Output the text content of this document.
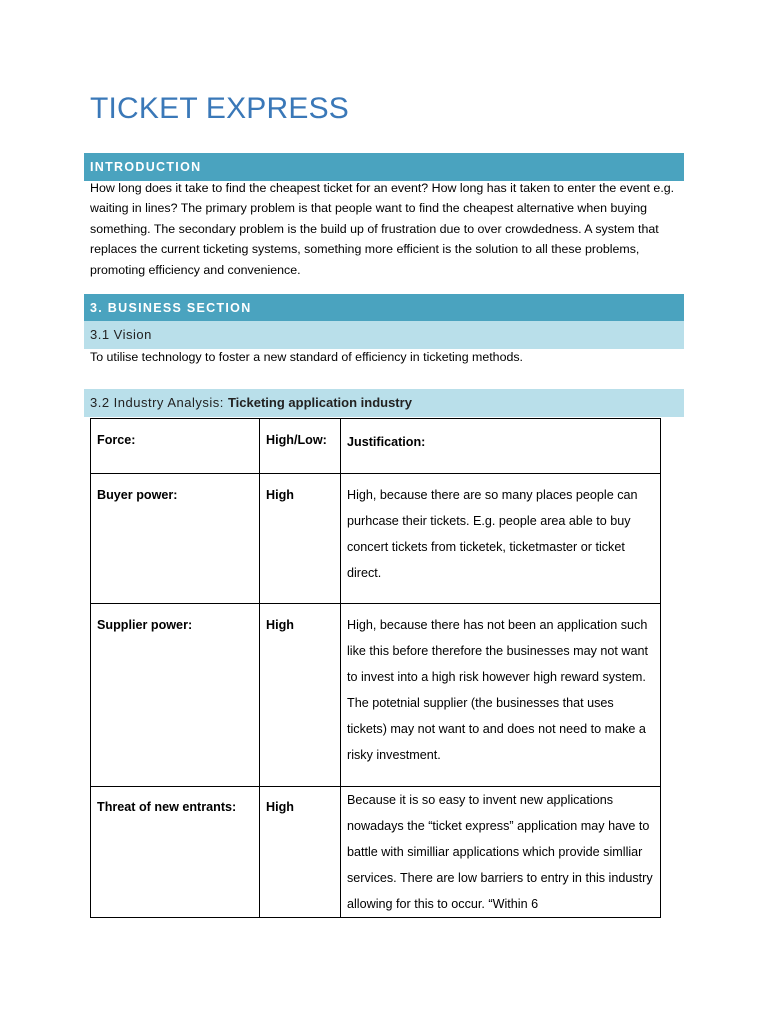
TICKET EXPRESS
INTRODUCTION
How long does it take to find the cheapest ticket for an event? How long has it taken to enter the event e.g. waiting in lines? The primary problem is that people want to find the cheapest alternative when buying something. The secondary problem is the build up of frustration due to over crowdedness. A system that replaces the current ticketing systems, something more efficient is the solution to all these problems, promoting efficiency and convenience.
3. BUSINESS SECTION
3.1 Vision
To utilise technology to foster a new standard of efficiency in ticketing methods.
3.2 Industry Analysis: Ticketing application industry
Force:	High/Low:	Justification:
Buyer power:	High	High, because there are so many places people can purhcase their tickets. E.g. people area able to buy concert tickets from ticketek, ticketmaster or ticket direct.
Supplier power:	High	High, because there has not been an application such like this before therefore the businesses may not want to invest into a high risk however high reward system. The potetnial supplier (the businesses that uses tickets) may not want to and does not need to make a risky investment.
Threat of new entrants:	High	Because it is so easy to invent new applications nowadays the “ticket express” application may have to battle with similliar applications which provide simlliar services. There are low barriers to entry in this industry allowing for this to occur. “Within 6
